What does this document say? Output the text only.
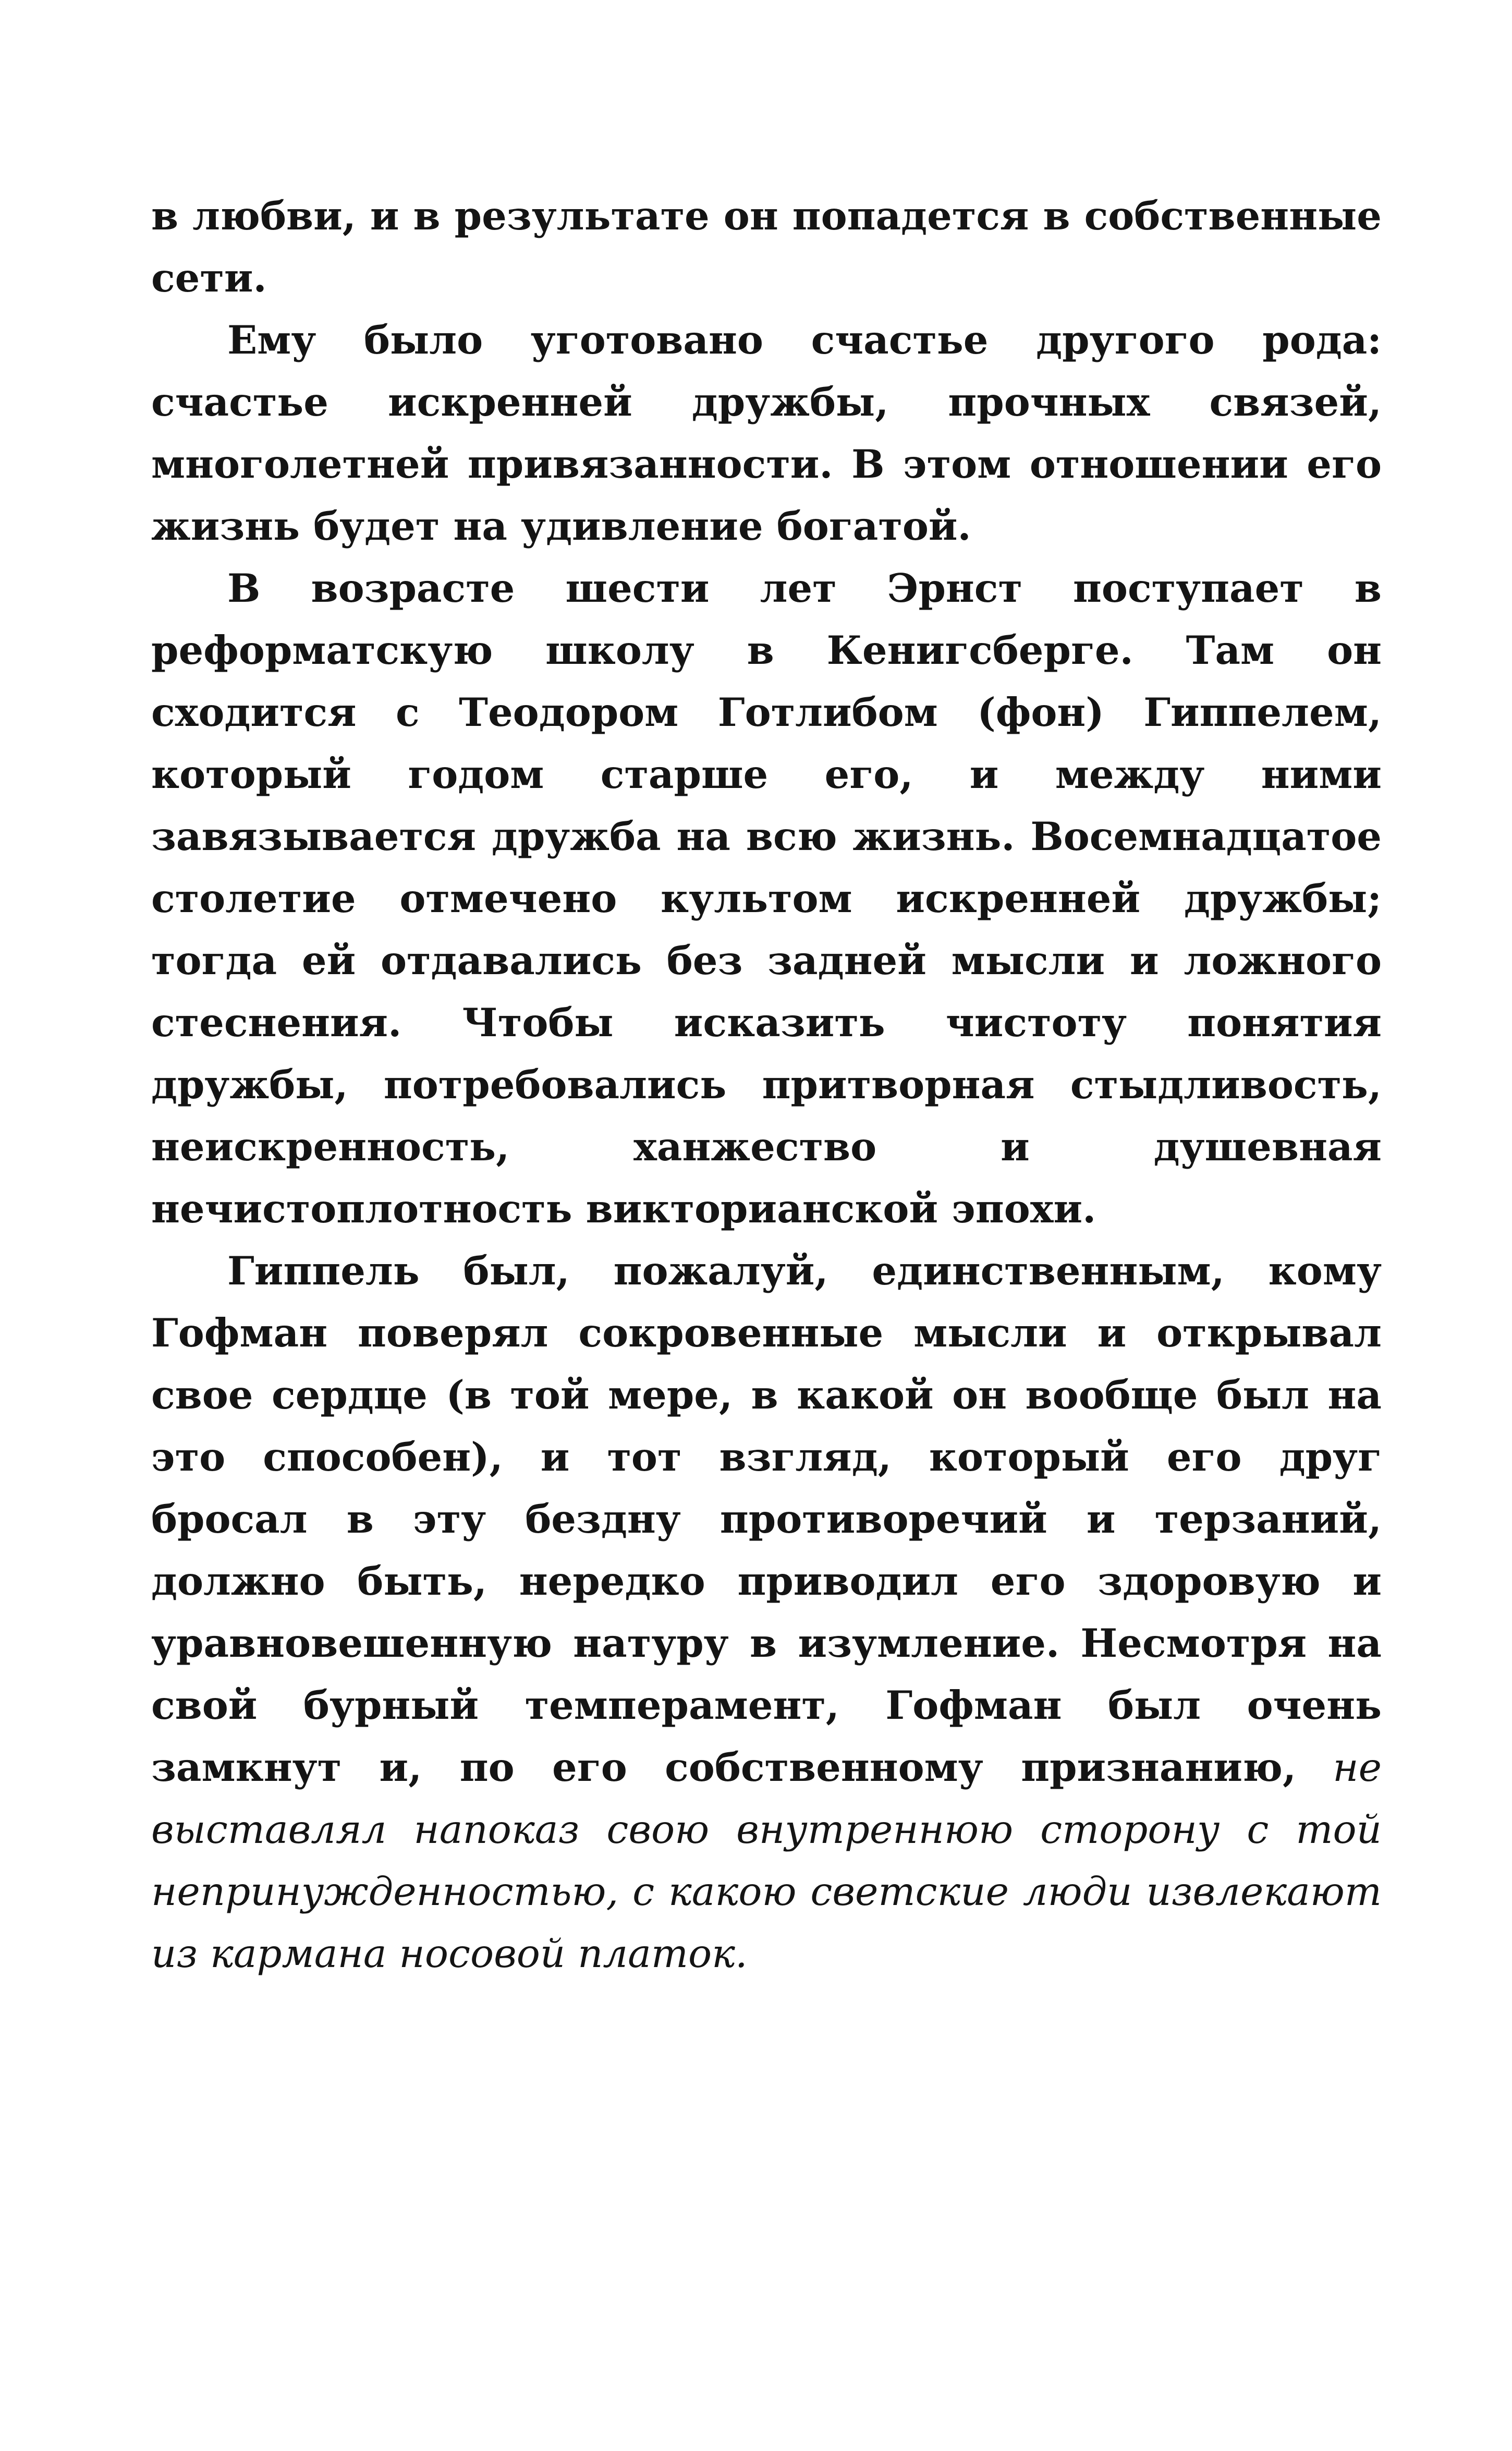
в любви, и в результате он попадется в собственные сети.

Ему было уготовано счастье другого рода: счастье искренней дружбы, прочных связей, многолетней привязанности. В этом отношении его жизнь будет на удивление богатой.

В возрасте шести лет Эрнст поступает в реформатскую школу в Кенигсберге. Там он сходится с Теодором Готлибом (фон) Гиппелем, который годом старше его, и между ними завязывается дружба на всю жизнь. Восемнадцатое столетие отмечено культом искренней дружбы; тогда ей отдавались без задней мысли и ложного стеснения. Чтобы исказить чистоту понятия дружбы, потребовались притворная стыдливость, неискренность, ханжество и душевная нечистоплотность викторианской эпохи.

Гиппель был, пожалуй, единственным, кому Гофман поверял сокровенные мысли и открывал свое сердце (в той мере, в какой он вообще был на это способен), и тот взгляд, который его друг бросал в эту бездну противоречий и терзаний, должно быть, нередко приводил его здоровую и уравновешенную натуру в изумление. Несмотря на свой бурный темперамент, Гофман был очень замкнут и, по его собственному признанию, не выставлял напоказ свою внутреннюю сторону с той непринужденностью, с какою светские люди извлекают из кармана носовой платок.
